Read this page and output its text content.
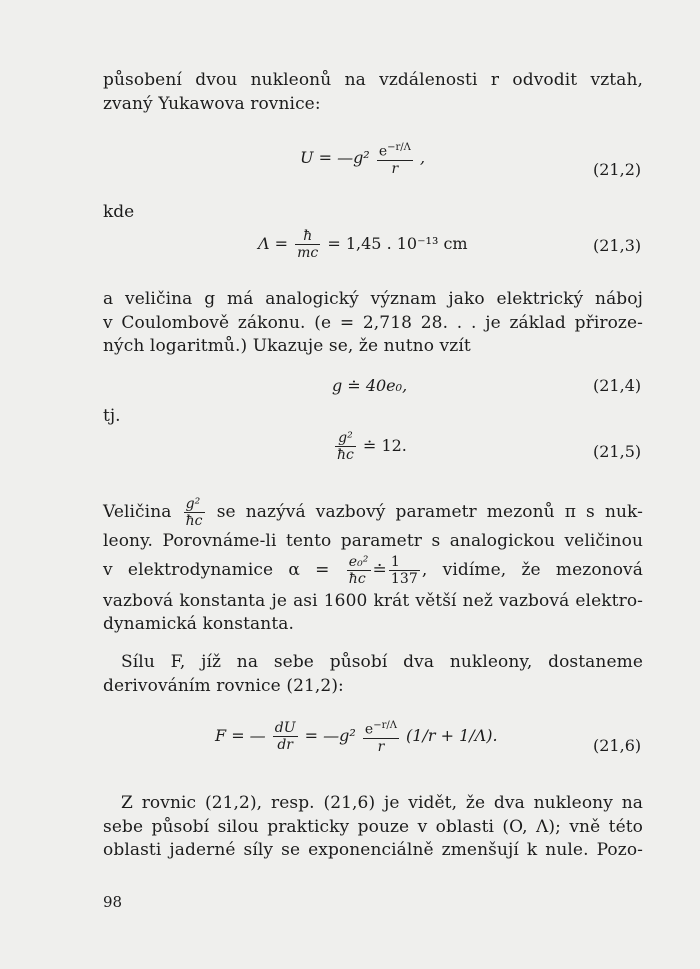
působení dvou nukleonů na vzdálenosti r odvodit vztah,
zvaný Yukawova rovnice:
U = —g² $\frac{e^{-r/\Lambda}}{r}$ ,
(21,2)
kde
$\Lambda = \frac{ħ}{mc} = 1,45$ . 10⁻¹³ cm	(21,3)
a veličina g má analogický význam jako elektrický náboj
v Coulombově zákonu. (e = 2,718 28. . . je základ přiroze-
ných logaritmů.) Ukazuje se, že nutno vzít
g ≐ 40e₀,	(21,4)
tj.
$\frac{\text{g²}}{ħc}$ ≐ 12.	(21,5)
Veličina $\frac{\text{g²}}{ħc}$ se nazývá vazbový parametr mezonů π s nuk-
leony. Porovnáme-li tento parametr s analogickou veličinou
v elektrodynamice $\alpha = \frac{\text{e₀²}}{ħc}$ ≐ $\frac{1}{137}$ , vidíme, že mezonová
vazbová konstanta je asi 1600 krát větší než vazbová elektro-
dynamická konstanta.
Sílu F, jíž na sebe působí dva nukleony, dostaneme
derivováním rovnice (21,2):
F = — $\frac{dU}{dr}$ = —g² $\frac{e^{-r/\Lambda}}{r} (1/r + 1/\Lambda)$.
(21,6)
Z rovnic (21,2), resp. (21,6) je vidět, že dva nukleony na
sebe působí silou prakticky pouze v oblasti (O, Λ); vně této
oblasti jaderné síly se exponenciálně zmenšují k nule. Pozo-
98
